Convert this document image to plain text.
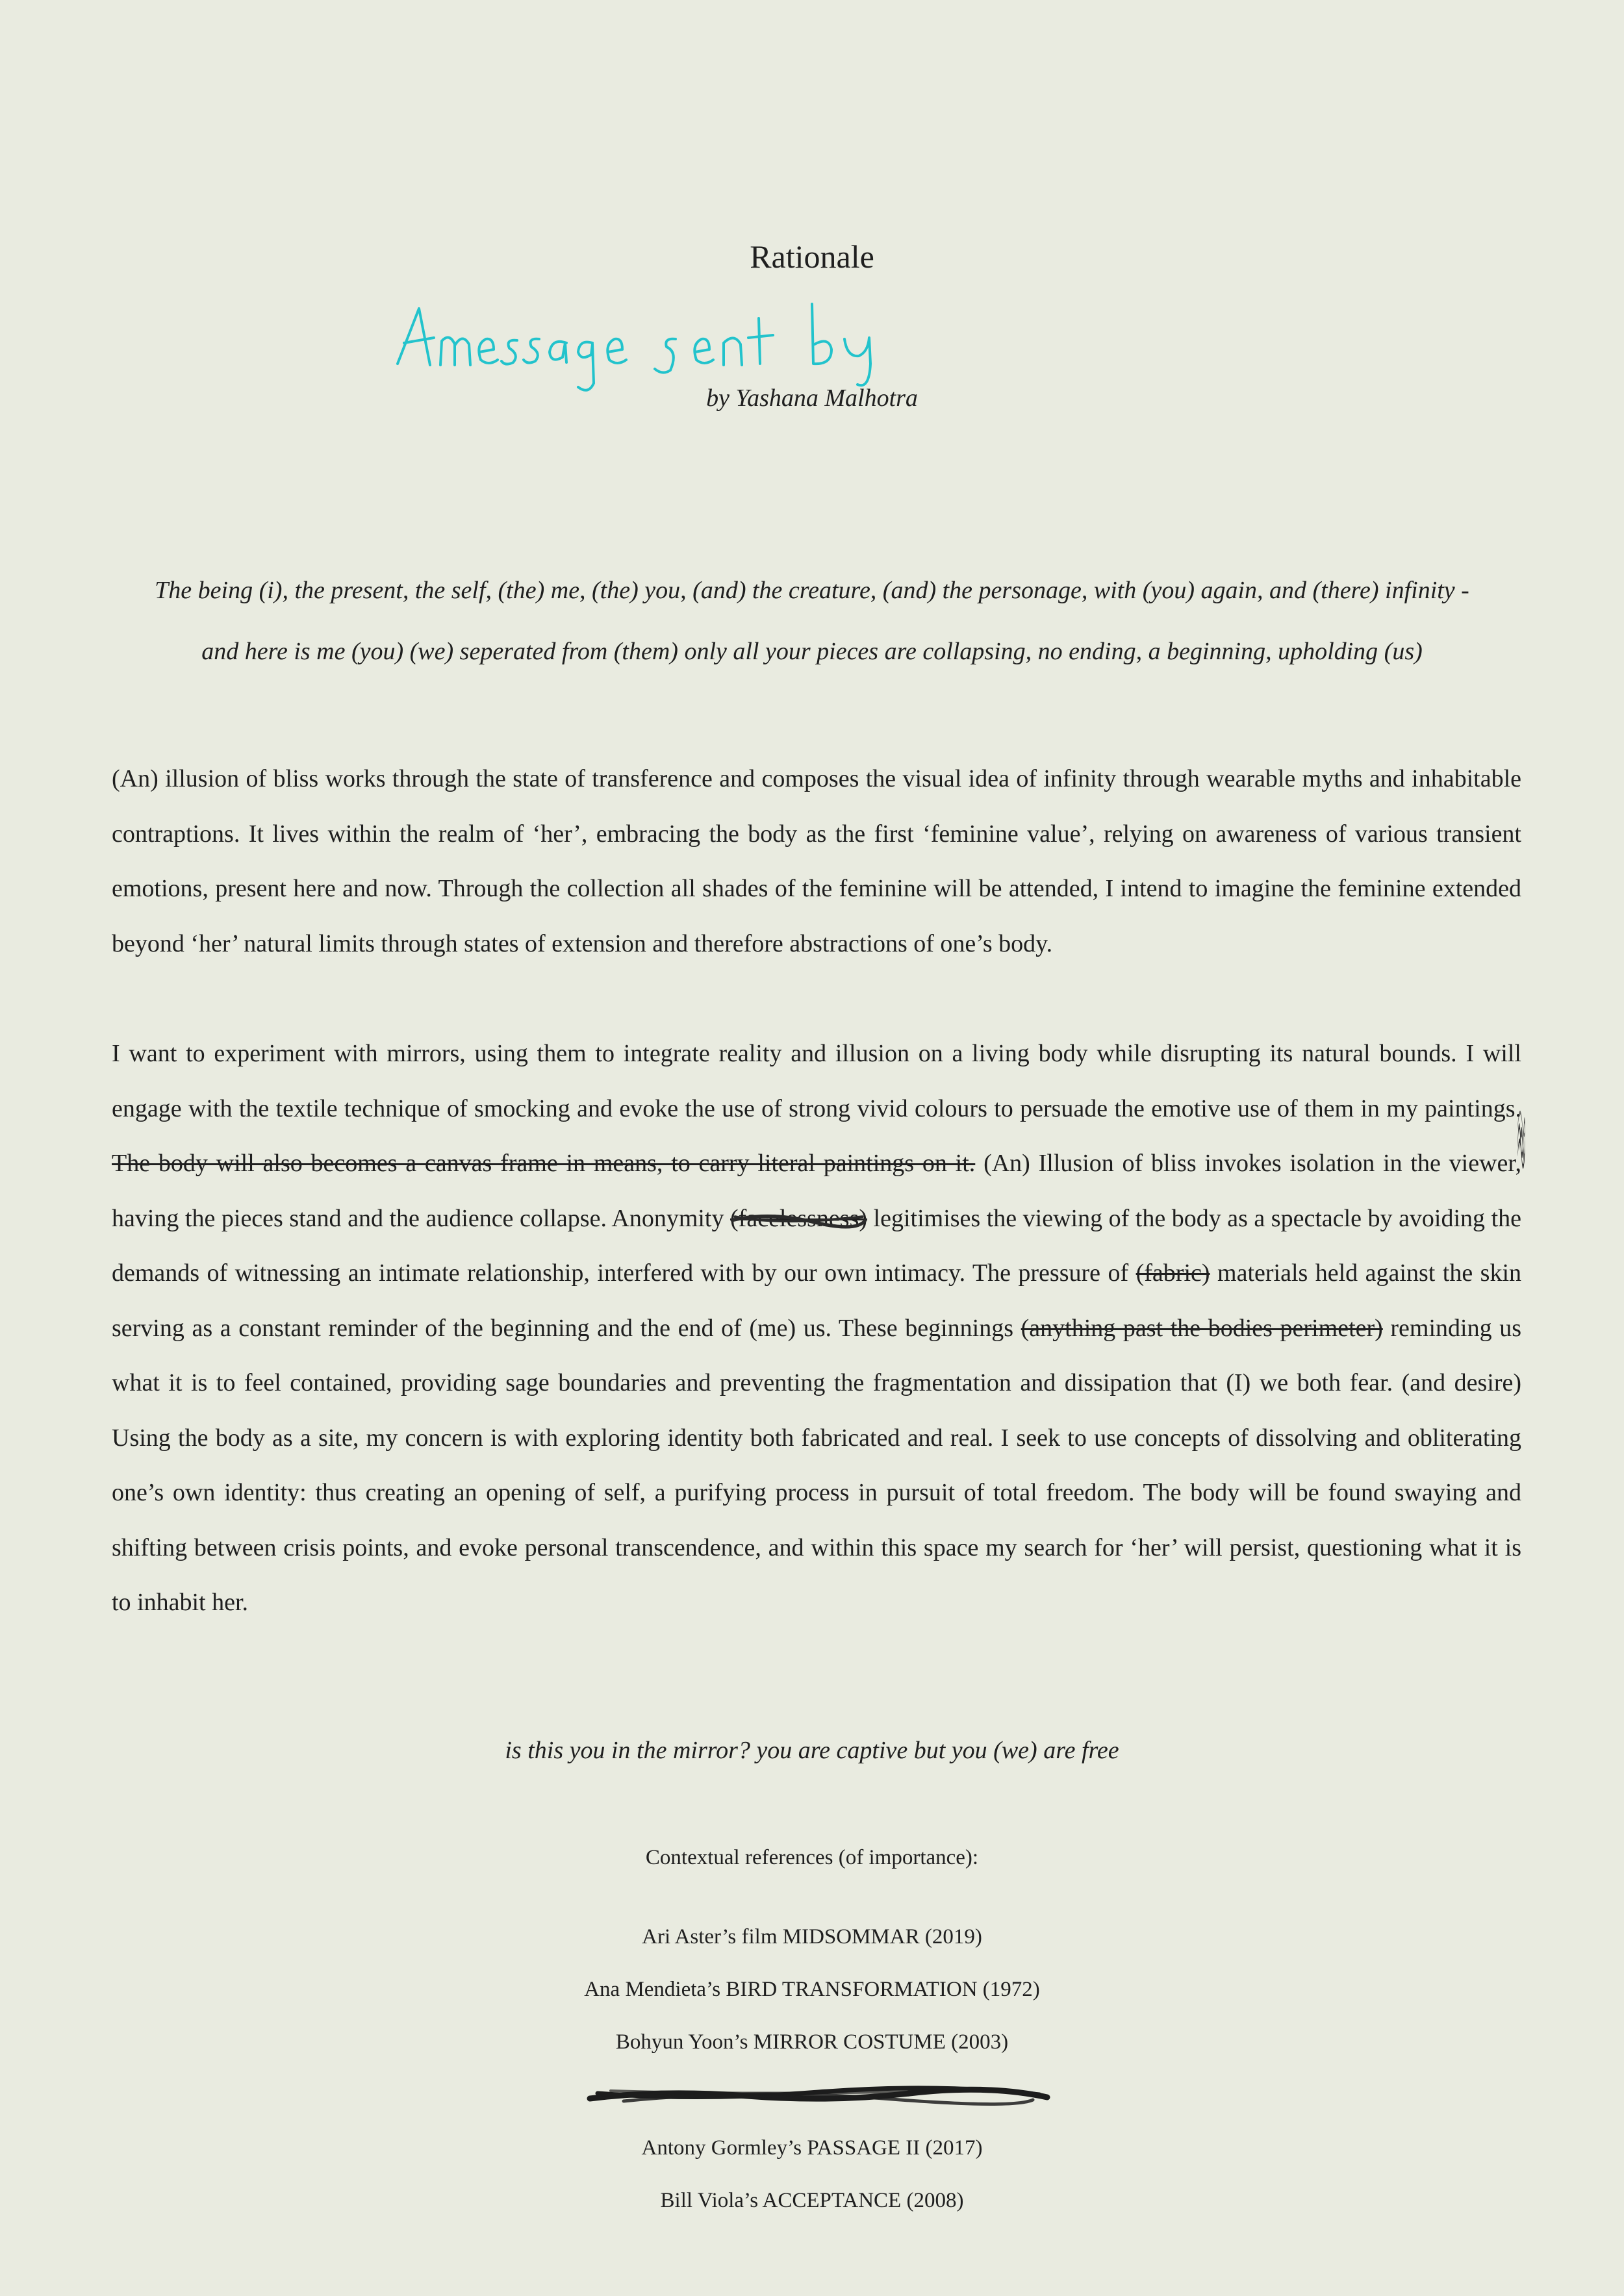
Rationale
by Yashana Malhotra
The being (i), the present, the self, (the) me, (the) you, (and) the creature, (and) the personage, with (you) again, and (there) infinity -
and here is me (you) (we) seperated from (them) only all your pieces are collapsing, no ending, a beginning, upholding (us)
(An) illusion of bliss works through the state of transference and composes the visual idea of infinity through wearable myths and inhabitable contraptions. It lives within the realm of ‘her’, embracing the body as the first ‘feminine value’, relying on awareness of various transient emotions, present here and now. Through the collection all shades of the feminine will be attended, I intend to imagine the feminine extended beyond ‘her’ natural limits through states of extension and therefore abstractions of one’s body.
I want to experiment with mirrors, using them to integrate reality and illusion on a living body while disrupting its natural bounds. I will engage with the textile technique of smocking and evoke the use of strong vivid colours to persuade the emotive use of them in my paintings. The body will also becomes a canvas frame in means, to carry literal paintings on it.
(An) Illusion of bliss invokes isolation in the viewer, having the pieces stand and the audience collapse. Anonymity (facelessness)
legitimises the viewing of the body as a spectacle by avoiding the demands of witnessing an intimate relationship, interfered with by our own intimacy. The pressure of (fabric) materials held against the skin serving as a constant reminder of the beginning and the end of (me) us. These beginnings (anything past the bodies perimeter) reminding us what it is to feel contained, providing sage boundaries and preventing the fragmentation and dissipation that (I) we both fear. (and desire) Using the body as a site, my concern is with exploring identity both fabricated and real. I seek to use concepts of dissolving and obliterating one’s own identity: thus creating an opening of self, a purifying process in pursuit of total freedom. The body will be found swaying and shifting between crisis points, and evoke personal transcendence, and within this space my search for ‘her’ will persist, questioning what it is to inhabit her.
is this you in the mirror? you are captive but you (we) are free
Contextual references (of importance):
Ari Aster’s film MIDSOMMAR (2019)
Ana Mendieta’s BIRD TRANSFORMATION (1972)
Bohyun Yoon’s MIRROR COSTUME (2003)
Antony Gormley’s PASSAGE II (2017)
Bill Viola’s ACCEPTANCE (2008)
